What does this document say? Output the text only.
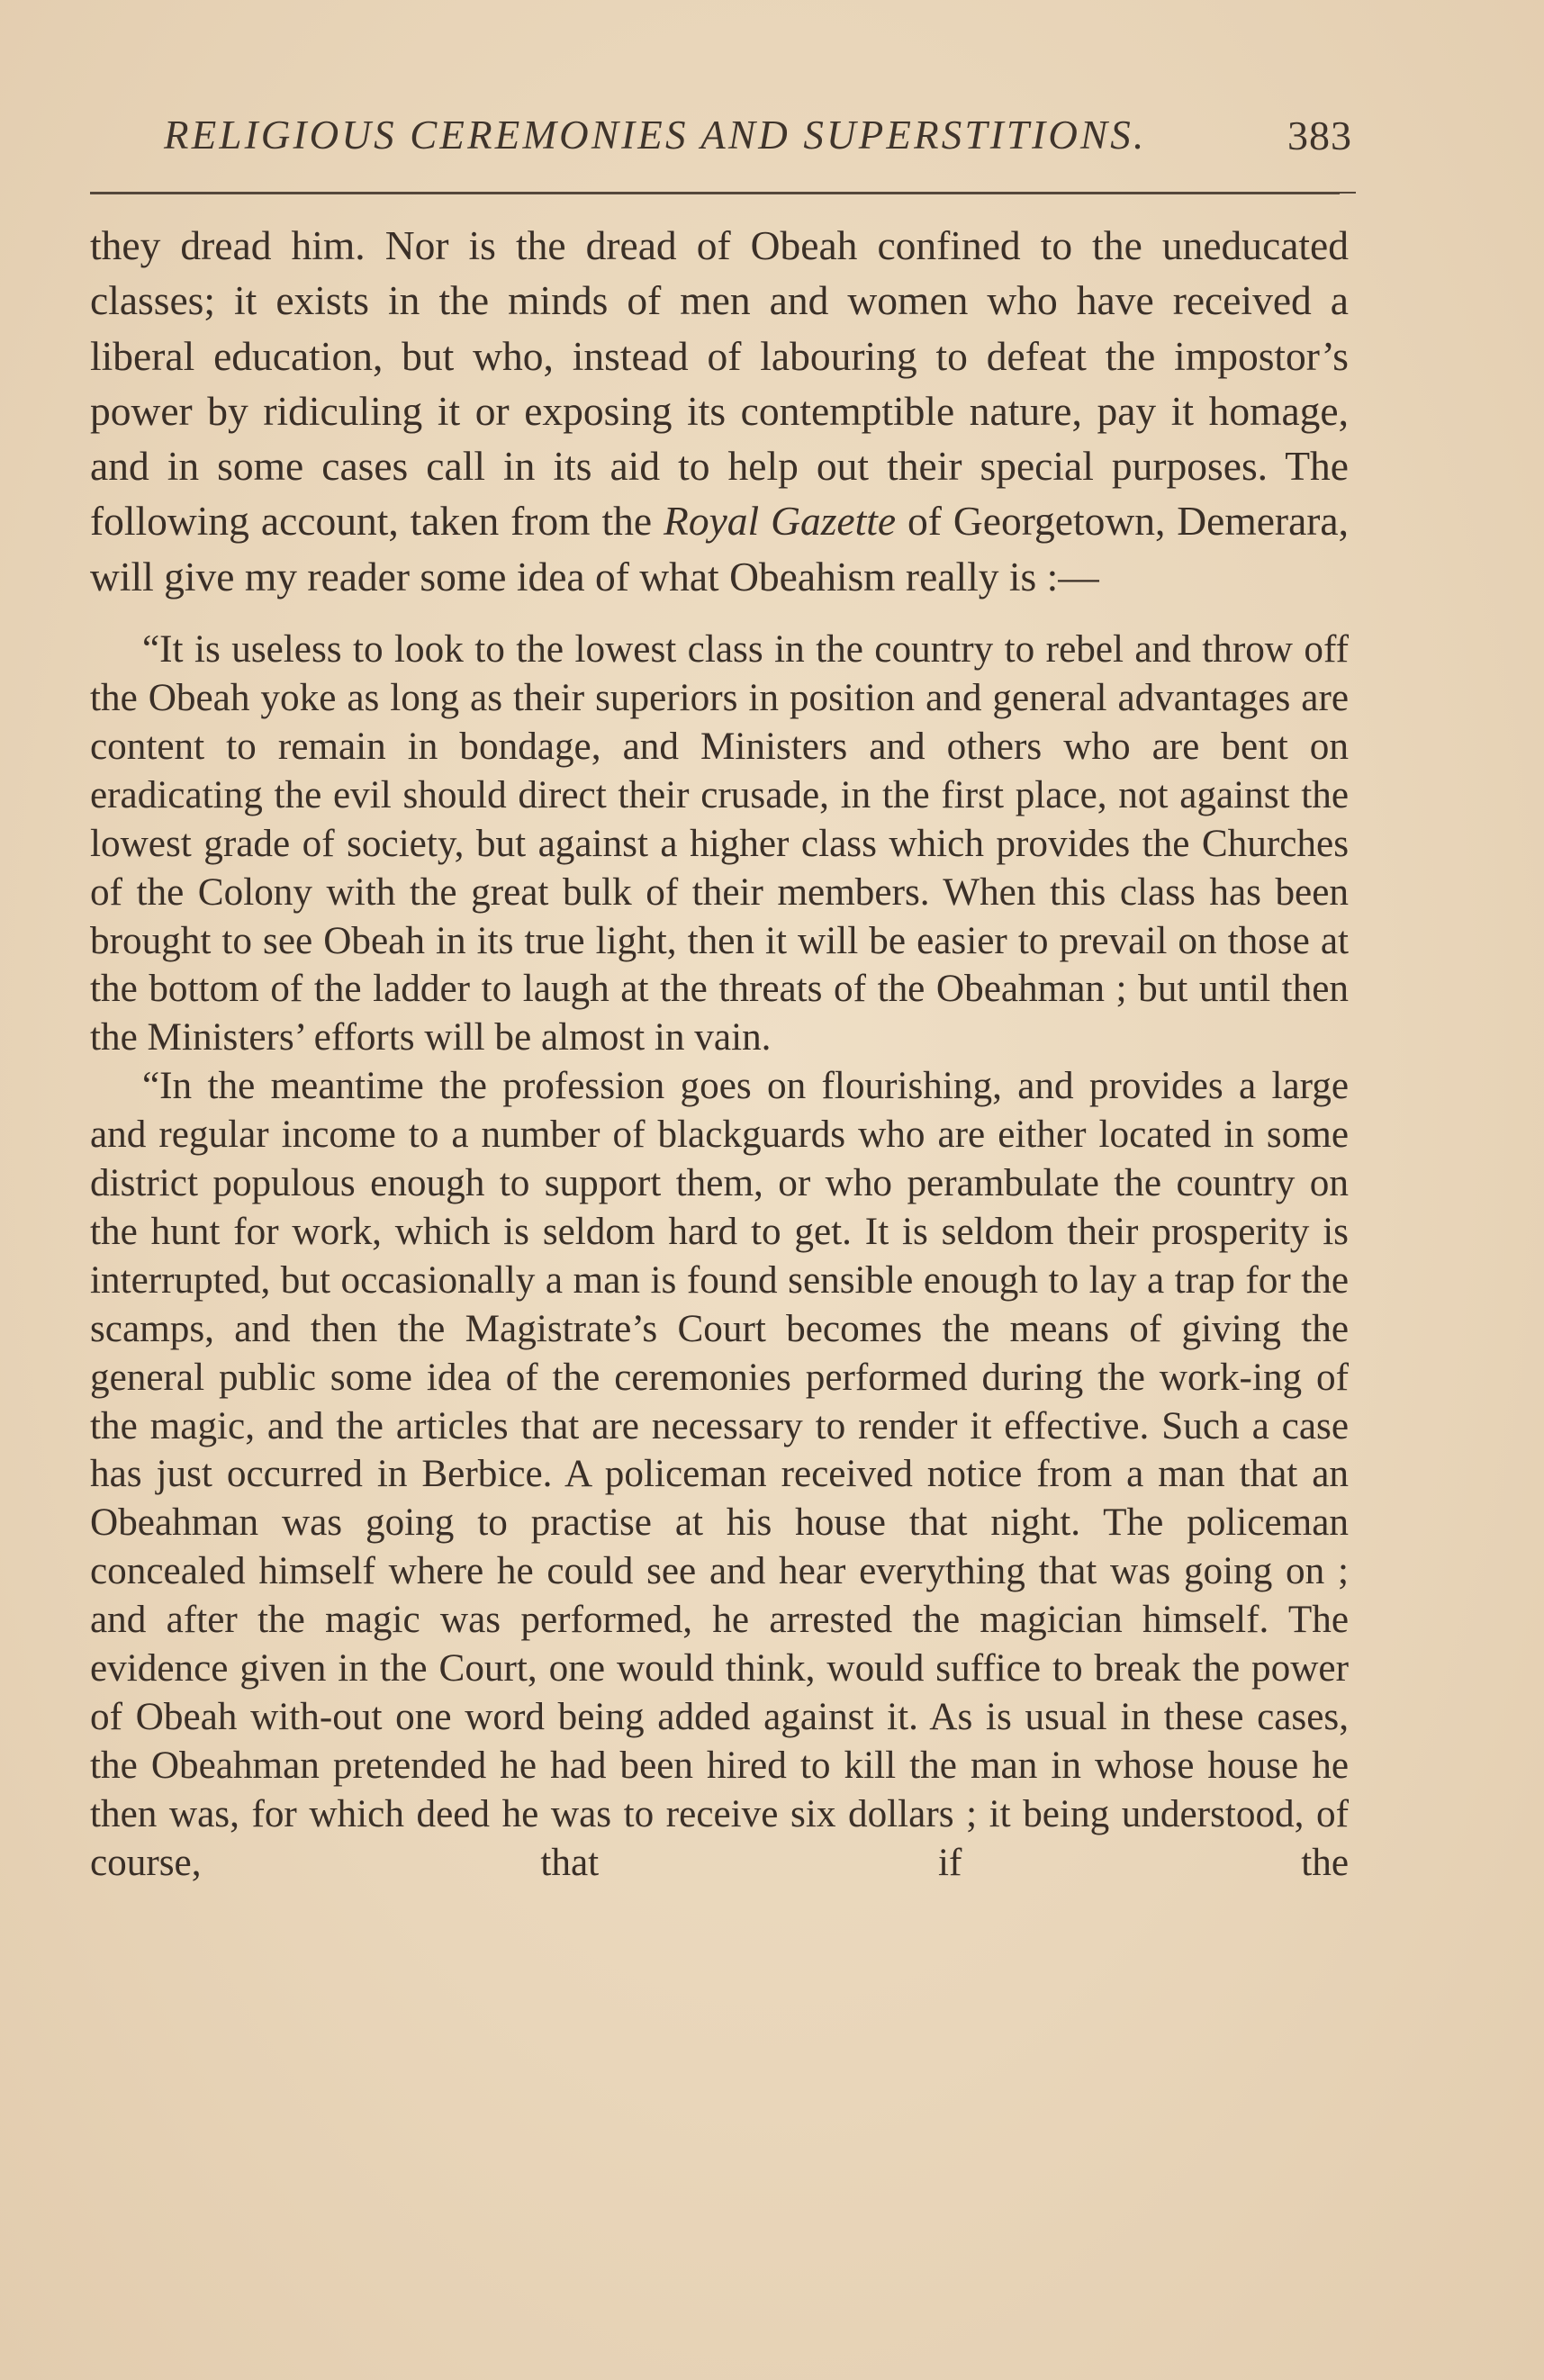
RELIGIOUS CEREMONIES AND SUPERSTITIONS.	383

they dread him. Nor is the dread of Obeah confined to the uneducated classes; it exists in the minds of men and women who have received a liberal education, but who, instead of labouring to defeat the impostor’s power by ridiculing it or exposing its contemptible nature, pay it homage, and in some cases call in its aid to help out their special purposes. The following account, taken from the Royal Gazette of Georgetown, Demerara, will give my reader some idea of what Obeahism really is :—

“It is useless to look to the lowest class in the country to rebel and throw off the Obeah yoke as long as their superiors in position and general advantages are content to remain in bondage, and Ministers and others who are bent on eradicating the evil should direct their crusade, in the first place, not against the lowest grade of society, but against a higher class which provides the Churches of the Colony with the great bulk of their members. When this class has been brought to see Obeah in its true light, then it will be easier to prevail on those at the bottom of the ladder to laugh at the threats of the Obeahman ; but until then the Ministers’ efforts will be almost in vain.

“In the meantime the profession goes on flourishing, and provides a large and regular income to a number of blackguards who are either located in some district populous enough to support them, or who perambulate the country on the hunt for work, which is seldom hard to get. It is seldom their prosperity is interrupted, but occasionally a man is found sensible enough to lay a trap for the scamps, and then the Magistrate’s Court becomes the means of giving the general public some idea of the ceremonies performed during the work-ing of the magic, and the articles that are necessary to render it effective. Such a case has just occurred in Berbice. A policeman received notice from a man that an Obeahman was going to practise at his house that night. The policeman concealed himself where he could see and hear everything that was going on ; and after the magic was performed, he arrested the magician himself. The evidence given in the Court, one would think, would suffice to break the power of Obeah with-out one word being added against it. As is usual in these cases, the Obeahman pretended he had been hired to kill the man in whose house he then was, for which deed he was to receive six dollars ; it being understood, of course, that if the
